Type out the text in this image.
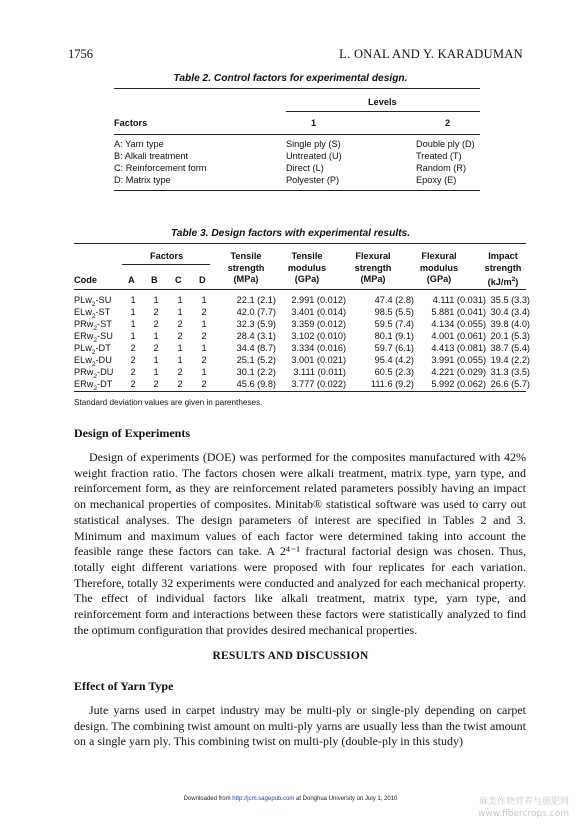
1756	L. ONAL AND Y. KARADUMAN
Table 2. Control factors for experimental design.
Levels
Factors	1	2
A: Yarn type	Single ply (S)	Double ply (D)
B: Alkali treatment	Untreated (U)	Treated (T)
C: Reinforcement form	Direct (L)	Random (R)
D: Matrix type	Polyester (P)	Epoxy (E)
Table 3. Design factors with experimental results.
Factors
Code	A B C D
Tensile
strength
(MPa)
Tensile
modulus
(GPa)
Flexural
strength
(MPa)
Flexural
modulus
(GPa)
Impact
strength
$(kJ/m^2)$
PLw$_2$-SU 1 1 1 1	22.1 (2.1)	2.991 (0.012)	47.4 (2.8)	4.111 (0.031) 35.5 (3.3)
ELw$_2$-ST 1 2 1 2	42.0 (7.7)	3.401 (0.014)	98.5 (5.5)	5.881 (0.041) 30.4 (3.4)
PRw$_2$-ST 1 2 2 1	32.3 (5.9)	3.359 (0.012)	59.5 (7.4)	4.134 (0.055) 39.8 (4.0)
ERw$_2$-SU 1 1 2 2	28.4 (3.1)	3.102 (0.010)	80.1 (9.1)	4.001 (0.061) 20.1 (5.3)
PLw$_2$-DT 2 2 1 1	34.4 (8.7)	3.334 (0.016)	59.7 (6.1)	4.413 (0.081) 38.7 (5.4)
ELw$_2$-DU 2 1 1 2	25.1 (5.2)	3.001 (0.021)	95.4 (4.2)	3.991 (0.055) 19.4 (2.2)
PRw$_2$-DU 2 1 2 1	30.1 (2.2)	3.111 (0.011)	60.5 (2.3)	4.221 (0.029) 31.3 (3.5)
ERw$_2$-DT 2 2 2 2	45.6 (9.8)	3.777 (0.022)	111.6 (9.2)	5.992 (0.062) 26.6 (5.7)
Standard deviation values are given in parentheses.
Design of Experiments
Design of experiments (DOE) was performed for the composites manufactured with 42% weight fraction ratio. The factors chosen were alkali treatment, matrix type, yarn type, and reinforcement form, as they are reinforcement related parameters possibly having an impact on mechanical properties of composites. Minitab® statistical software was used to carry out statistical analyses. The design parameters of interest are specified in Tables 2 and 3. Minimum and maximum values of each factor were determined taking into account the feasible range these factors can take. A 2⁴⁻¹ fractural factorial design was chosen. Thus, totally eight different variations were proposed with four replicates for each variation. Therefore, totally 32 experiments were conducted and analyzed for each mechanical property. The effect of individual factors like alkali treatment, matrix type, yarn type, and reinforcement form and interactions between these factors were statistically analyzed to find the optimum configuration that provides desired mechanical properties.
RESULTS AND DISCUSSION
Effect of Yarn Type
Jute yarns used in carpet industry may be multi-ply or single-ply depending on carpet design. The combining twist amount on multi-ply yarns are usually less than the twist amount on a single yarn ply. This combining twist on multi-ply (double-ply in this study)
Downloaded from http://jcm.sagepub.com at Donghua University on July 1, 2010	麻类作物营养与施肥网
www.fibercrops.com
